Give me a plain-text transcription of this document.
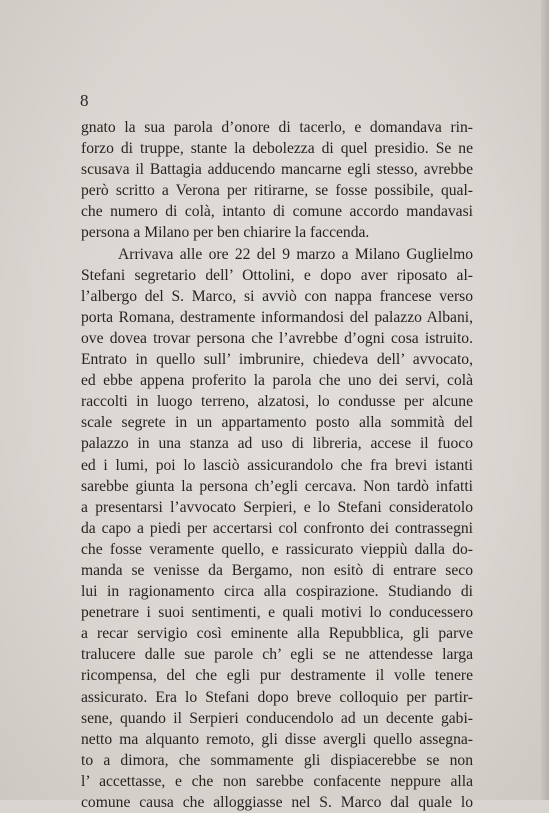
8

gnato la sua parola d’onore di tacerlo, e domandava rin-
forzo di truppe, stante la debolezza di quel presidio. Se ne
scusava il Battagia adducendo mancarne egli stesso, avrebbe
però scritto a Verona per ritirarne, se fosse possibile, qual-
che numero di colà, intanto di comune accordo mandavasi
persona a Milano per ben chiarire la faccenda.
Arrivava alle ore 22 del 9 marzo a Milano Guglielmo
Stefani segretario dell’ Ottolini, e dopo aver riposato al-
l’albergo del S. Marco, si avviò con nappa francese verso
porta Romana, destramente informandosi del palazzo Albani,
ove dovea trovar persona che l’avrebbe d’ogni cosa istruito.
Entrato in quello sull’ imbrunire, chiedeva dell’ avvocato,
ed ebbe appena proferito la parola che uno dei servi, colà
raccolti in luogo terreno, alzatosi, lo condusse per alcune
scale segrete in un appartamento posto alla sommità del
palazzo in una stanza ad uso di libreria, accese il fuoco
ed i lumi, poi lo lasciò assicurandolo che fra brevi istanti
sarebbe giunta la persona ch’egli cercava. Non tardò infatti
a presentarsi l’avvocato Serpieri, e lo Stefani consideratolo
da capo a piedi per accertarsi col confronto dei contrassegni
che fosse veramente quello, e rassicurato vieppiù dalla do-
manda se venisse da Bergamo, non esitò di entrare seco
lui in ragionamento circa alla cospirazione. Studiando di
penetrare i suoi sentimenti, e quali motivi lo conducessero
a recar servigio così eminente alla Repubblica, gli parve
tralucere dalle sue parole ch’ egli se ne attendesse larga
ricompensa, del che egli pur destramente il volle tenere
assicurato. Era lo Stefani dopo breve colloquio per partir-
sene, quando il Serpieri conducendolo ad un decente gabi-
netto ma alquanto remoto, gli disse avergli quello assegna-
to a dimora, che sommamente gli dispiacerebbe se non
l’ accettasse, e che non sarebbe confacente neppure alla
comune causa che alloggiasse nel S. Marco dal quale lo
